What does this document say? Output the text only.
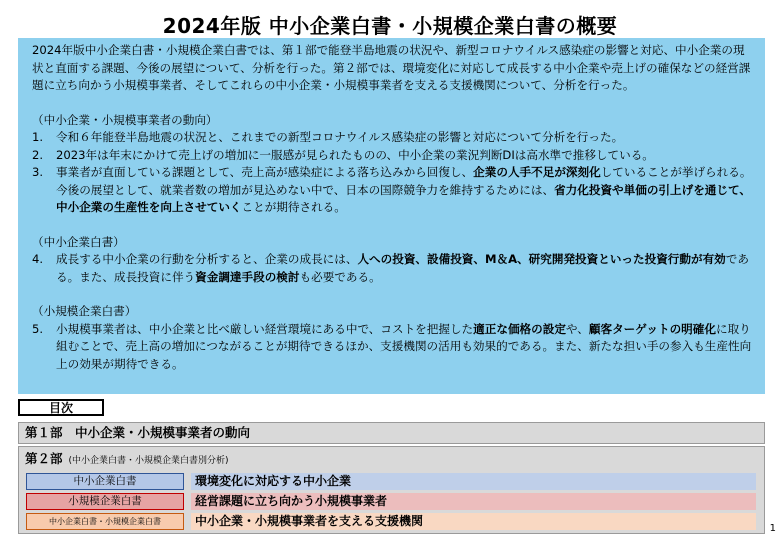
2024年版 中小企業白書・小規模企業白書の概要

2024年版中小企業白書・小規模企業白書では、第１部で能登半島地震の状況や、新型コロナウイルス感染症の影響と対応、中小企業の現状と直面する課題、今後の展望について、分析を行った。第２部では、環境変化に対応して成長する中小企業や売上げの確保などの経営課題に立ち向かう小規模事業者、そしてこれらの中小企業・小規模事業者を支える支援機関について、分析を行った。

（中小企業・小規模事業者の動向）

1.	令和６年能登半島地震の状況と、これまでの新型コロナウイルス感染症の影響と対応について分析を行った。
2.	2023年は年末にかけて売上げの増加に一服感が見られたものの、中小企業の業況判断DIは高水準で推移している。
3.	事業者が直面している課題として、売上高が感染症による落ち込みから回復し、企業の人手不足が深刻化していることが挙げられる。今後の展望として、就業者数の増加が見込めない中で、日本の国際競争力を維持するためには、省力化投資や単価の引上げを通じて、中小企業の生産性を向上させていくことが期待される。

（中小企業白書）

4.	成長する中小企業の行動を分析すると、企業の成長には、人への投資、設備投資、M＆A、研究開発投資といった投資行動が有効である。また、成長投資に伴う資金調達手段の検討も必要である。

（小規模企業白書）

5.	小規模事業者は、中小企業と比べ厳しい経営環境にある中で、コストを把握した適正な価格の設定や、顧客ターゲットの明確化に取り組むことで、売上高の増加につながることが期待できるほか、支援機関の活用も効果的である。また、新たな担い手の参入も生産性向上の効果が期待できる。
目次
第１部　中小企業・小規模事業者の動向
第２部 (中小企業白書・小規模企業白書別分析)
中小企業白書	環境変化に対応する中小企業
小規模企業白書	経営課題に立ち向かう小規模事業者
中小企業白書・小規模企業白書	中小企業・小規模事業者を支える支援機関
1
